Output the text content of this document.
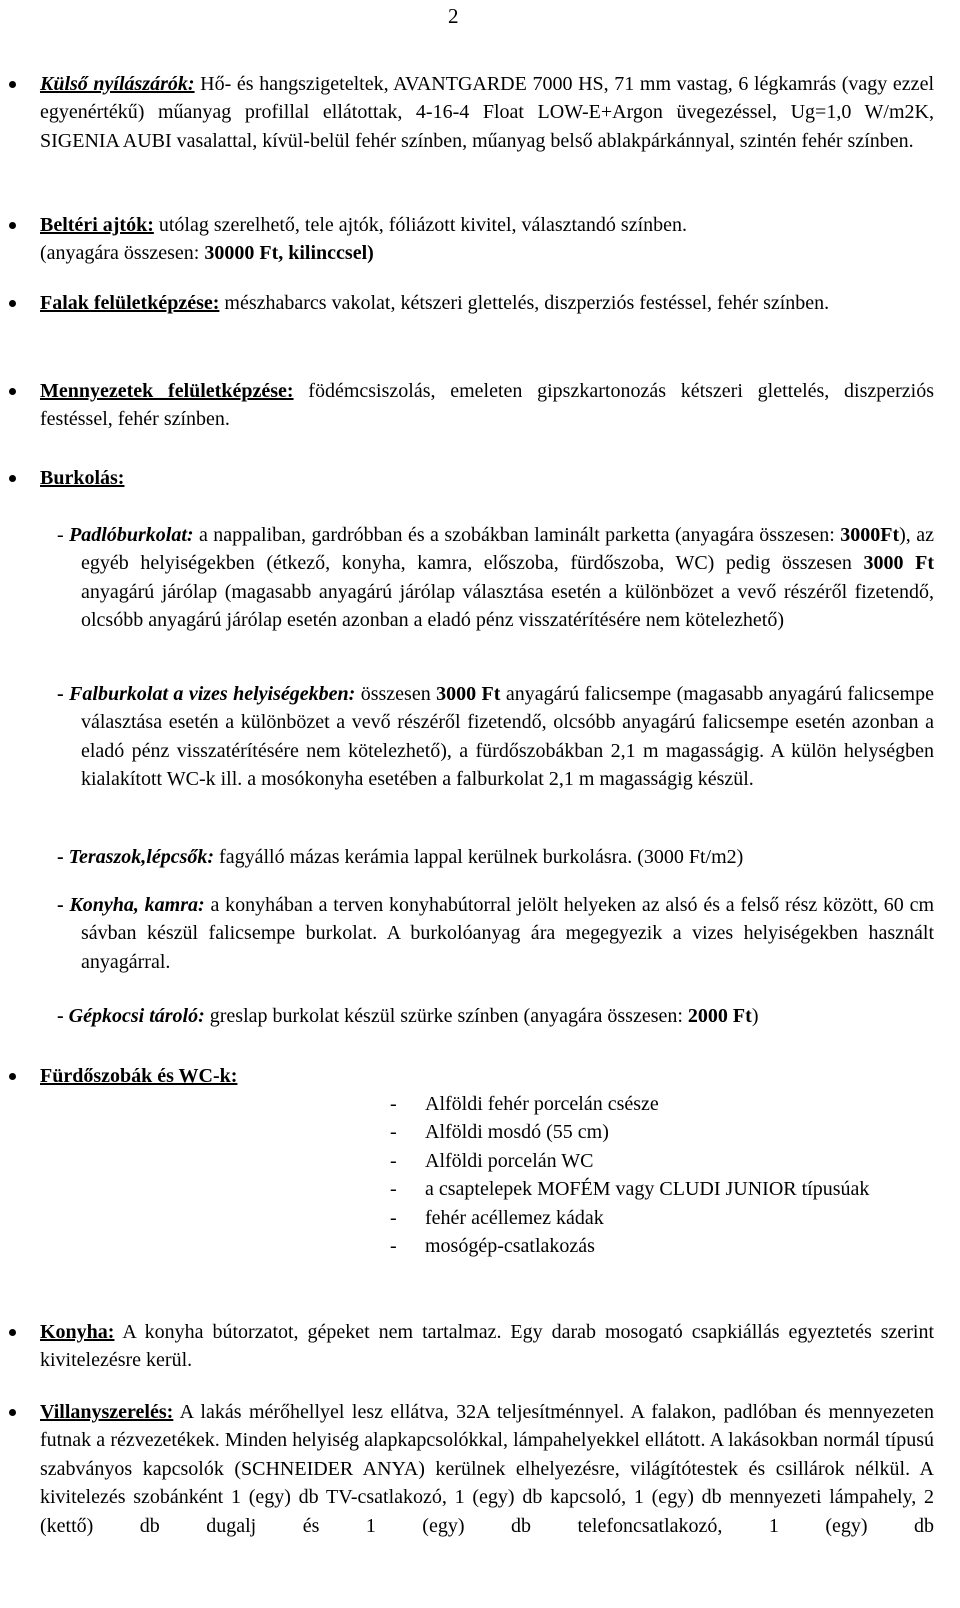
2
Külső nyílászárók: Hő- és hangszigeteltek, AVANTGARDE 7000 HS, 71 mm vastag, 6 légkamrás (vagy ezzel egyenértékű) műanyag profillal ellátottak, 4-16-4 Float LOW-E+Argon üvegezéssel, Ug=1,0 W/m2K, SIGENIA AUBI vasalattal, kívül-belül fehér színben, műanyag belső ablakpárkánnyal, szintén fehér színben.
Beltéri ajtók: utólag szerelhető, tele ajtók, fóliázott kivitel, választandó színben.
(anyagára összesen: 30000 Ft, kilinccsel)
Falak felületképzése: mészhabarcs vakolat, kétszeri glettelés, diszperziós festéssel, fehér színben.
Mennyezetek felületképzése: födémcsiszolás, emeleten gipszkartonozás kétszeri glettelés, diszperziós festéssel, fehér színben.
Burkolás:
- Padlóburkolat: a nappaliban, gardróbban és a szobákban laminált parketta (anyagára összesen: 3000Ft), az egyéb helyiségekben (étkező, konyha, kamra, előszoba, fürdőszoba, WC) pedig összesen 3000 Ft anyagárú járólap (magasabb anyagárú járólap választása esetén a különbözet a vevő részéről fizetendő, olcsóbb anyagárú járólap esetén azonban a eladó pénz visszatérítésére nem kötelezhető)
- Falburkolat a vizes helyiségekben: összesen 3000 Ft anyagárú falicsempe (magasabb anyagárú falicsempe választása esetén a különbözet a vevő részéről fizetendő, olcsóbb anyagárú falicsempe esetén azonban a eladó pénz visszatérítésére nem kötelezhető), a fürdőszobákban 2,1 m magasságig. A külön helységben kialakított WC-k ill. a mosókonyha esetében a falburkolat 2,1 m magasságig készül.
- Teraszok,lépcsők: fagyálló mázas kerámia lappal kerülnek burkolásra. (3000 Ft/m2)
- Konyha, kamra: a konyhában a terven konyhabútorral jelölt helyeken az alsó és a felső rész között, 60 cm sávban készül falicsempe burkolat. A burkolóanyag ára megegyezik a vizes helyiségekben használt anyagárral.
- Gépkocsi tároló: greslap burkolat készül szürke színben (anyagára összesen: 2000 Ft)
Fürdőszobák és WC-k:
- Alföldi fehér porcelán csésze
- Alföldi mosdó (55 cm)
- Alföldi porcelán WC
- a csaptelepek MOFÉM vagy CLUDI JUNIOR típusúak
- fehér acéllemez kádak
- mosógép-csatlakozás
Konyha: A konyha bútorzatot, gépeket nem tartalmaz. Egy darab mosogató csapkiállás egyeztetés szerint kivitelezésre kerül.
Villanyszerelés: A lakás mérőhellyel lesz ellátva, 32A teljesítménnyel. A falakon, padlóban és mennyezeten futnak a rézvezetékek. Minden helyiség alapkapcsolókkal, lámpahelyekkel ellátott. A lakásokban normál típusú szabványos kapcsolók (SCHNEIDER ANYA) kerülnek elhelyezésre, világítótestek és csillárok nélkül. A kivitelezés szobánként 1 (egy) db TV-csatlakozó, 1 (egy) db kapcsoló, 1 (egy) db mennyezeti lámpahely, 2 (kettő) db dugalj és 1 (egy) db telefoncsatlakozó, 1 (egy) db
